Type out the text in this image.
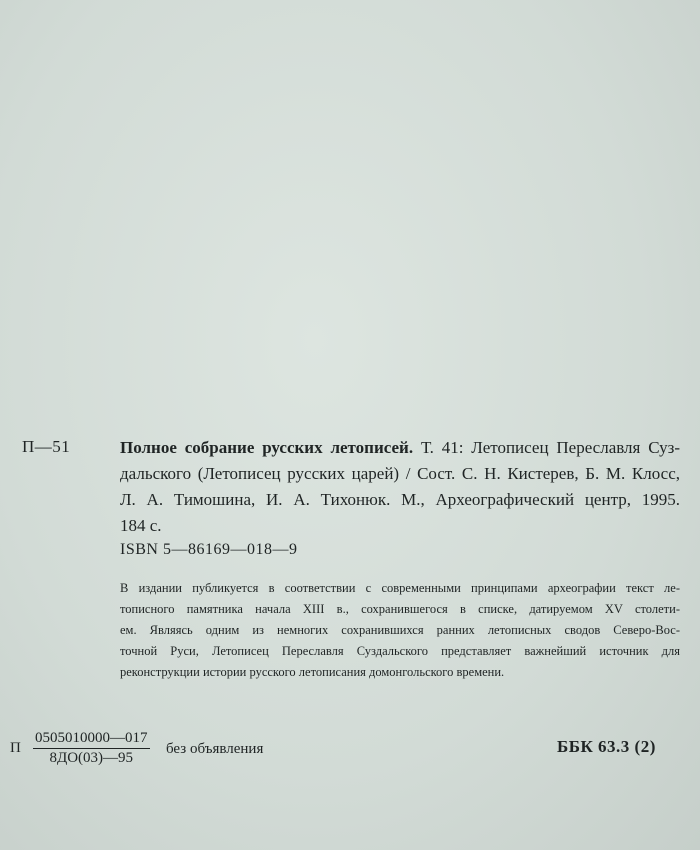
П—51	Полное собрание русских летописей. Т. 41: Летописец Переславля Суз-
дальского (Летописец русских царей) / Сост. С. Н. Кистерев, Б. М. Клосс,
Л. А. Тимошина, И. А. Тихонюк. М., Археографический центр, 1995.
184 с.
ISBN 5—86169—018—9
В издании публикуется в соответствии с современными принципами археографии текст ле-
тописного памятника начала XIII в., сохранившегося в списке, датируемом XV столети-
ем. Являясь одним из немногих сохранившихся ранних летописных сводов Северо-Вос-
точной Руси, Летописец Переславля Суздальского представляет важнейший источник для
реконструкции истории русского летописания домонгольского времени.
П
0505010000—017
8ДО(03)—95
без объявления	ББК 63.3 (2)
